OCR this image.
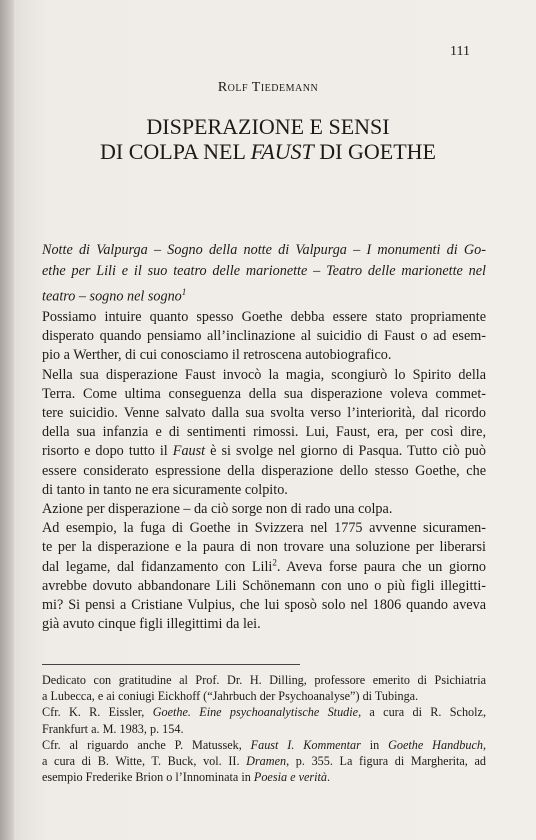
111
Rolf Tiedemann
DISPERAZIONE E SENSI
DI COLPA NEL FAUST DI GOETHE
Notte di Valpurga – Sogno della notte di Valpurga – I monumenti di Go-
ethe per Lili e il suo teatro delle marionette – Teatro delle marionette nel
teatro – sogno nel sogno$^1$
Possiamo intuire quanto spesso Goethe debba essere stato propriamente
disperato quando pensiamo all’inclinazione al suicidio di Faust o ad esem-
pio a Werther, di cui conosciamo il retroscena autobiografico.
Nella sua disperazione Faust invocò la magia, scongiurò lo Spirito della
Terra. Come ultima conseguenza della sua disperazione voleva commet-
tere suicidio. Venne salvato dalla sua svolta verso l’interiorità, dal ricordo
della sua infanzia e di sentimenti rimossi. Lui, Faust, era, per così dire,
risorto e dopo tutto il Faust è si svolge nel giorno di Pasqua. Tutto ciò può
essere considerato espressione della disperazione dello stesso Goethe, che
di tanto in tanto ne era sicuramente colpito.
Azione per disperazione – da ciò sorge non di rado una colpa.
Ad esempio, la fuga di Goethe in Svizzera nel 1775 avvenne sicuramen-
te per la disperazione e la paura di non trovare una soluzione per liberarsi
dal legame, dal fidanzamento con Lili$^2$. Aveva forse paura che un giorno
avrebbe dovuto abbandonare Lili Schönemann con uno o più figli illegitti-
mi? Si pensi a Cristiane Vulpius, che lui sposò solo nel 1806 quando aveva
già avuto cinque figli illegittimi da lei.
Dedicato con gratitudine al Prof. Dr. H. Dilling, professore emerito di Psichiatria
a Lubecca, e ai coniugi Eickhoff (“Jahrbuch der Psychoanalyse”) di Tubinga.
Cfr. K. R. Eissler, Goethe. Eine psychoanalytische Studie, a cura di R. Scholz,
Frankfurt a. M. 1983, p. 154.
Cfr. al riguardo anche P. Matussek, Faust I. Kommentar in Goethe Handbuch,
a cura di B. Witte, T. Buck, vol. II. Dramen, p. 355. La figura di Margherita, ad
esempio Frederike Brion o l’Innominata in Poesia e verità.
